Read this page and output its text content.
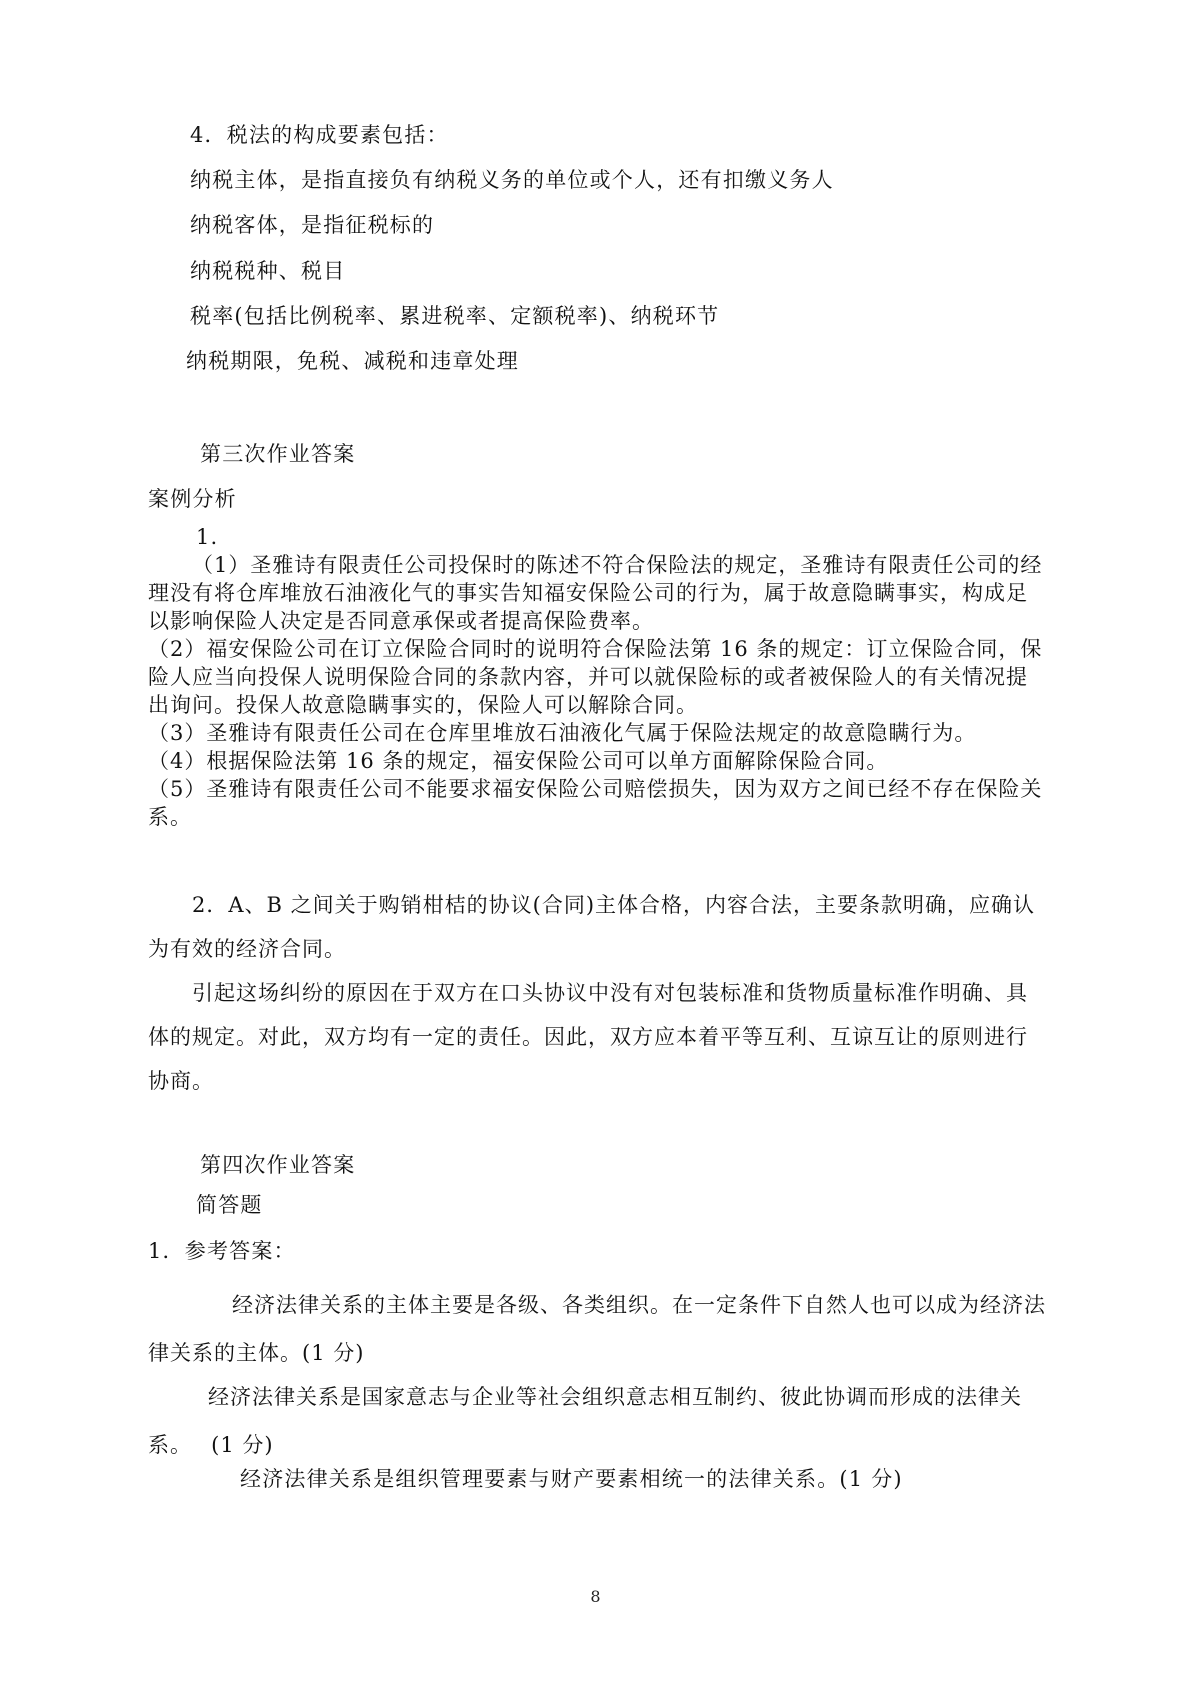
4．税法的构成要素包括：
纳税主体，是指直接负有纳税义务的单位或个人，还有扣缴义务人
纳税客体，是指征税标的
纳税税种、税目
税率(包括比例税率、累进税率、定额税率)、纳税环节
纳税期限，免税、减税和违章处理
第三次作业答案
案例分析
1.
（1）圣雅诗有限责任公司投保时的陈述不符合保险法的规定，圣雅诗有限责任公司的经理没有将仓库堆放石油液化气的事实告知福安保险公司的行为，属于故意隐瞒事实，构成足以影响保险人决定是否同意承保或者提高保险费率。
（2）福安保险公司在订立保险合同时的说明符合保险法第 16 条的规定：订立保险合同，保险人应当向投保人说明保险合同的条款内容，并可以就保险标的或者被保险人的有关情况提出询问。投保人故意隐瞒事实的，保险人可以解除合同。
（3）圣雅诗有限责任公司在仓库里堆放石油液化气属于保险法规定的故意隐瞒行为。
（4）根据保险法第 16 条的规定，福安保险公司可以单方面解除保险合同。
（5）圣雅诗有限责任公司不能要求福安保险公司赔偿损失，因为双方之间已经不存在保险关系。
2．A、B 之间关于购销柑桔的协议(合同)主体合格，内容合法，主要条款明确，应确认为有效的经济合同。
引起这场纠纷的原因在于双方在口头协议中没有对包装标准和货物质量标准作明确、具体的规定。对此，双方均有一定的责任。因此，双方应本着平等互利、互谅互让的原则进行协商。
第四次作业答案
简答题
1．参考答案：
经济法律关系的主体主要是各级、各类组织。在一定条件下自然人也可以成为经济法律关系的主体。(1 分)
经济法律关系是国家意志与企业等社会组织意志相互制约、彼此协调而形成的法律关系。　 (1 分)
经济法律关系是组织管理要素与财产要素相统一的法律关系。(1 分)
8
